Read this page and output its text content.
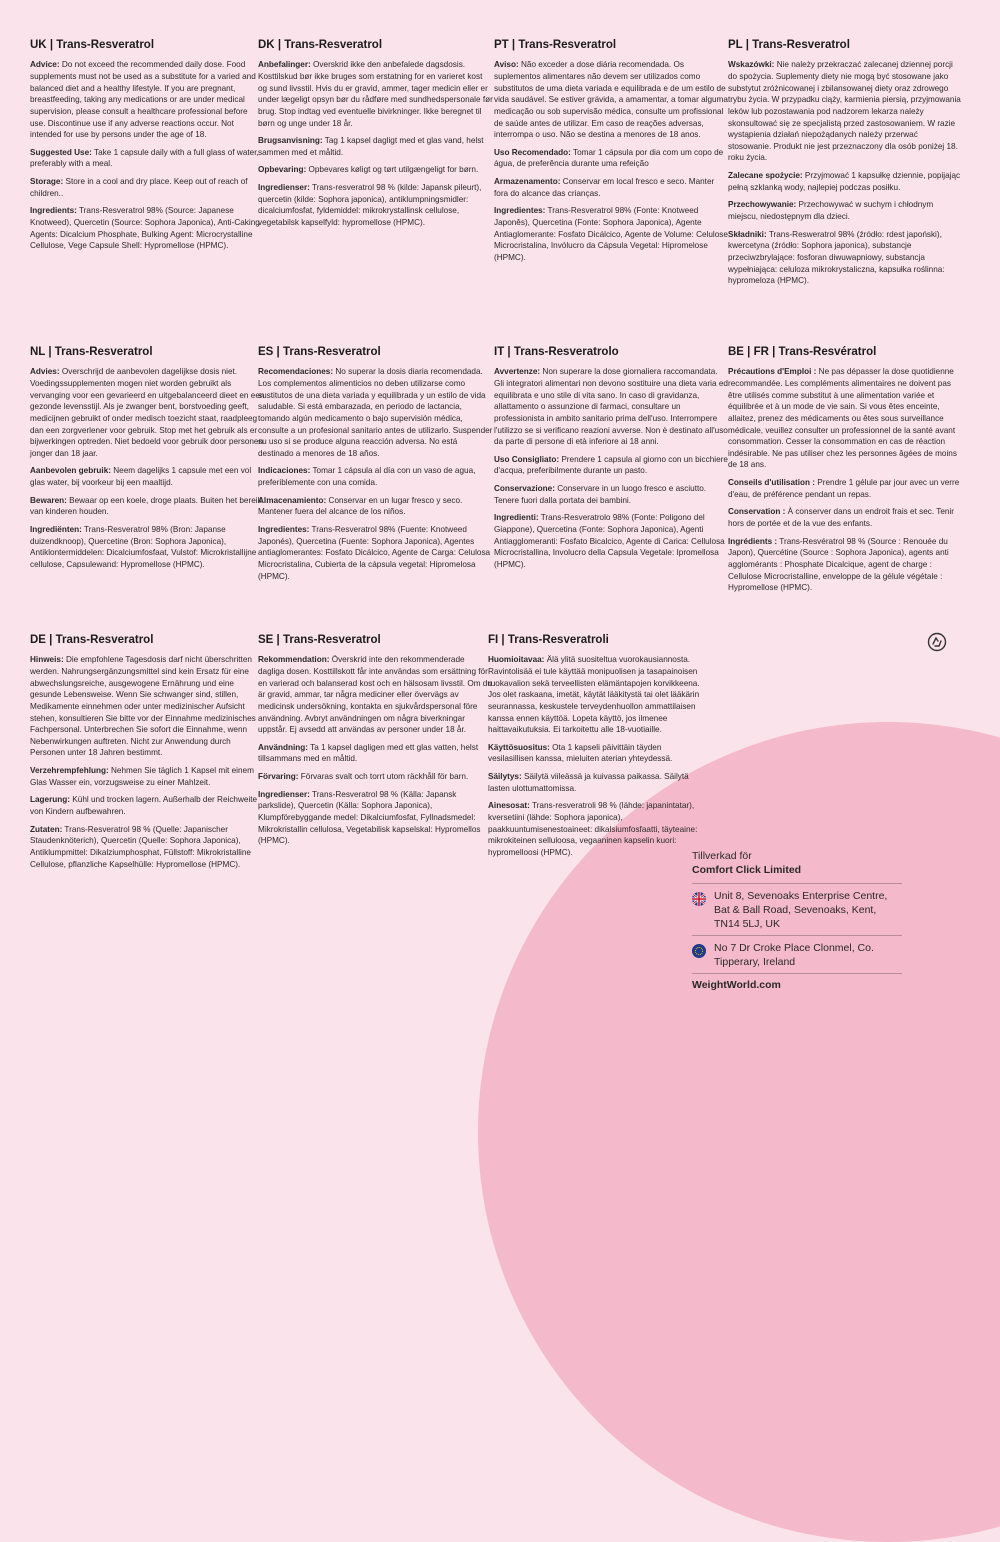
UK | Trans-Resveratrol

Advice: Do not exceed the recommended daily dose. Food supplements must not be used as a substitute for a varied and balanced diet and a healthy lifestyle. If you are pregnant, breastfeeding, taking any medications or are under medical supervision, please consult a healthcare professional before use. Discontinue use if any adverse reactions occur. Not intended for use by persons under the age of 18.

Suggested Use: Take 1 capsule daily with a full glass of water, preferably with a meal.

Storage: Store in a cool and dry place. Keep out of reach of children..

Ingredients: Trans-Resveratrol 98% (Source: Japanese Knotweed), Quercetin (Source: Sophora Japonica), Anti-Caking Agents: Dicalcium Phosphate, Bulking Agent: Microcrystalline Cellulose, Vege Capsule Shell: Hypromellose (HPMC).

DK | Trans-Resveratrol

Anbefalinger: Overskrid ikke den anbefalede dagsdosis. Kosttilskud bør ikke bruges som erstatning for en varieret kost og sund livsstil. Hvis du er gravid, ammer, tager medicin eller er under lægeligt opsyn bør du rådføre med sundhedspersonale før brug. Stop indtag ved eventuelle bivirkninger. Ikke beregnet til børn og unge under 18 år.

Brugsanvisning: Tag 1 kapsel dagligt med et glas vand, helst sammen med et måltid.

Opbevaring: Opbevares køligt og tørt utilgængeligt for børn.

Ingredienser: Trans-resveratrol 98 % (kilde: Japansk pileurt), quercetin (kilde: Sophora japonica), antiklumpningsmidler: dicalciumfosfat, fyldemiddel: mikrokrystallinsk cellulose, vegetabilsk kapselfyld: hypromellose (HPMC).

PT | Trans-Resveratrol

Aviso: Não exceder a dose diária recomendada. Os suplementos alimentares não devem ser utilizados como substitutos de uma dieta variada e equilibrada e de um estilo de vida saudável. Se estiver grávida, a amamentar, a tomar alguma medicação ou sob supervisão médica, consulte um profissional de saúde antes de utilizar. Em caso de reações adversas, interrompa o uso. Não se destina a menores de 18 anos.

Uso Recomendado: Tomar 1 cápsula por dia com um copo de água, de preferência durante uma refeição

Armazenamento: Conservar em local fresco e seco. Manter fora do alcance das crianças.

Ingredientes: Trans-Resveratrol 98% (Fonte: Knotweed Japonês), Quercetina (Fonte: Sophora Japonica), Agente Antiaglomerante: Fosfato Dicálcico, Agente de Volume: Celulose Microcristalina, Invólucro da Cápsula Vegetal: Hipromelose (HPMC).

PL | Trans-Resveratrol

Wskazówki: Nie należy przekraczać zalecanej dziennej porcji do spożycia. Suplementy diety nie mogą być stosowane jako substytut zróżnicowanej i zbilansowanej diety oraz zdrowego trybu życia. W przypadku ciąży, karmienia piersią, przyjmowania leków lub pozostawania pod nadzorem lekarza należy skonsultować się ze specjalistą przed zastosowaniem. W razie wystąpienia działań niepożądanych należy przerwać stosowanie. Produkt nie jest przeznaczony dla osób poniżej 18. roku życia.

Zalecane spożycie: Przyjmować 1 kapsułkę dziennie, popijając pełną szklanką wody, najlepiej podczas posiłku.

Przechowywanie: Przechowywać w suchym i chłodnym miejscu, niedostępnym dla dzieci.

Składniki: Trans-Resweratrol 98% (źródło: rdest japoński), kwercetyna (źródło: Sophora japonica), substancje przeciwzbrylające: fosforan diwuwapniowy, substancja wypełniająca: celuloza mikrokrystaliczna, kapsułka roślinna: hypromeloza (HPMC).

NL | Trans-Resveratrol

Advies: Overschrijd de aanbevolen dagelijkse dosis niet. Voedingssupplementen mogen niet worden gebruikt als vervanging voor een gevarieerd en uitgebalanceerd dieet en een gezonde levensstijl. Als je zwanger bent, borstvoeding geeft, medicijnen gebruikt of onder medisch toezicht staat, raadpleeg dan een zorgverlener voor gebruik. Stop met het gebruik als er bijwerkingen optreden. Niet bedoeld voor gebruik door personen jonger dan 18 jaar.

Aanbevolen gebruik: Neem dagelijks 1 capsule met een vol glas water, bij voorkeur bij een maaltijd.

Bewaren: Bewaar op een koele, droge plaats. Buiten het bereik van kinderen houden.

Ingrediënten: Trans-Resveratrol 98% (Bron: Japanse duizendknoop), Quercetine (Bron: Sophora Japonica), Antiklontermiddelen: Dicalciumfosfaat, Vulstof: Microkristallijne cellulose, Capsulewand: Hypromellose (HPMC).

ES | Trans-Resveratrol

Recomendaciones: No superar la dosis diaria recomendada. Los complementos alimenticios no deben utilizarse como sustitutos de una dieta variada y equilibrada y un estilo de vida saludable. Si está embarazada, en periodo de lactancia, tomando algún medicamento o bajo supervisión médica, consulte a un profesional sanitario antes de utilizarlo. Suspender su uso si se produce alguna reacción adversa. No está destinado a menores de 18 años.

Indicaciones: Tomar 1 cápsula al día con un vaso de agua, preferiblemente con una comida.

Almacenamiento: Conservar en un lugar fresco y seco. Mantener fuera del alcance de los niños.

Ingredientes: Trans-Resveratrol 98% (Fuente: Knotweed Japonés), Quercetina (Fuente: Sophora Japonica), Agentes antiaglomerantes: Fosfato Dicálcico, Agente de Carga: Celulosa Microcristalina, Cubierta de la cápsula vegetal: Hipromelosa (HPMC).

IT | Trans-Resveratrolo

Avvertenze: Non superare la dose giornaliera raccomandata. Gli integratori alimentari non devono sostituire una dieta varia ed equilibrata e uno stile di vita sano. In caso di gravidanza, allattamento o assunzione di farmaci, consultare un professionista in ambito sanitario prima dell'uso. Interrompere l'utilizzo se si verificano reazioni avverse. Non è destinato all'uso da parte di persone di età inferiore ai 18 anni.

Uso Consigliato: Prendere 1 capsula al giorno con un bicchiere d'acqua, preferibilmente durante un pasto.

Conservazione: Conservare in un luogo fresco e asciutto. Tenere fuori dalla portata dei bambini.

Ingredienti: Trans-Resveratrolo 98% (Fonte: Poligono del Giappone), Quercetina (Fonte: Sophora Japonica), Agenti Antiagglomeranti: Fosfato Bicalcico, Agente di Carica: Cellulosa Microcristallina, Involucro della Capsula Vegetale: Ipromellosa (HPMC).

BE | FR | Trans-Resvératrol

Précautions d'Emploi : Ne pas dépasser la dose quotidienne recommandée. Les compléments alimentaires ne doivent pas être utilisés comme substitut à une alimentation variée et équilibrée et à un mode de vie sain. Si vous êtes enceinte, allaitez, prenez des médicaments ou êtes sous surveillance médicale, veuillez consulter un professionnel de la santé avant consommation. Cesser la consommation en cas de réaction indésirable. Ne pas utiliser chez les personnes âgées de moins de 18 ans.

Conseils d'utilisation : Prendre 1 gélule par jour avec un verre d'eau, de préférence pendant un repas.

Conservation : À conserver dans un endroit frais et sec. Tenir hors de portée et de la vue des enfants.

Ingrédients : Trans-Resvératrol 98 % (Source : Renouée du Japon), Quercétine (Source : Sophora Japonica), agents anti agglomérants : Phosphate Dicalcique, agent de charge : Cellulose Microcristalline, enveloppe de la gélule végétale : Hypromellose (HPMC).

DE | Trans-Resveratrol

Hinweis: Die empfohlene Tagesdosis darf nicht überschritten werden. Nahrungsergänzungsmittel sind kein Ersatz für eine abwechslungsreiche, ausgewogene Ernährung und eine gesunde Lebensweise. Wenn Sie schwanger sind, stillen, Medikamente einnehmen oder unter medizinischer Aufsicht stehen, konsultieren Sie bitte vor der Einnahme medizinisches Fachpersonal. Unterbrechen Sie sofort die Einnahme, wenn Nebenwirkungen auftreten. Nicht zur Anwendung durch Personen unter 18 Jahren bestimmt.

Verzehrempfehlung: Nehmen Sie täglich 1 Kapsel mit einem Glas Wasser ein, vorzugsweise zu einer Mahlzeit.

Lagerung: Kühl und trocken lagern. Außerhalb der Reichweite von Kindern aufbewahren.

Zutaten: Trans-Resveratrol 98 % (Quelle: Japanischer Staudenknöterich), Quercetin (Quelle: Sophora Japonica), Antiklumpmittel: Dikalziumphosphat, Füllstoff: Mikrokristalline Cellulose, pflanzliche Kapselhülle: Hypromellose (HPMC).

SE | Trans-Resveratrol

Rekommendation: Överskrid inte den rekommenderade dagliga dosen. Kosttillskott får inte användas som ersättning för en varierad och balanserad kost och en hälsosam livsstil. Om du är gravid, ammar, tar några mediciner eller övervägs av medicinsk undersökning, kontakta en sjukvårdspersonal före användning. Avbryt användningen om några biverkningar uppstår. Ej avsedd att användas av personer under 18 år.

Användning: Ta 1 kapsel dagligen med ett glas vatten, helst tillsammans med en måltid.

Förvaring: Förvaras svalt och torrt utom räckhåll för barn.

Ingredienser: Trans-Resveratrol 98 % (Källa: Japansk parkslide), Quercetin (Källa: Sophora Japonica), Klumpförebyggande medel: Dikalciumfosfat, Fyllnadsmedel: Mikrokristallin cellulosa, Vegetabilisk kapselskal: Hypromellos (HPMC).

FI | Trans-Resveratroli

Huomioitavaa: Älä ylitä suositeltua vuorokausiannosta. Ravintolisää ei tule käyttää monipuolisen ja tasapainoisen ruokavalion sekä terveellisten elämäntapojen korvikkeena. Jos olet raskaana, imetät, käytät lääkitystä tai olet lääkärin seurannassa, keskustele terveydenhuollon ammattilaisen kanssa ennen käyttöä. Lopeta käyttö, jos ilmenee haittavaikutuksia. Ei tarkoitettu alle 18-vuotiaille.

Käyttösuositus: Ota 1 kapseli päivittäin täyden vesilasillisen kanssa, mieluiten aterian yhteydessä.

Säilytys: Säilytä viileässä ja kuivassa paikassa. Säilytä lasten ulottumattomissa.

Ainesosat: Trans-resveratroli 98 % (lähde: japanintatar), kversetiini (lähde: Sophora japonica), paakkuuntumisenestoaineet: dikalsiumfosfaatti, täyteaine: mikrokiteinen selluloosa, vegaaninen kapselin kuori: hypromelloosi (HPMC).	Tillverkad för
Comfort Click Limited
Unit 8, Sevenoaks Enterprise Centre, Bat & Ball Road, Sevenoaks, Kent, TN14 5LJ, UK
No 7 Dr Croke Place Clonmel, Co. Tipperary, Ireland
WeightWorld.com
